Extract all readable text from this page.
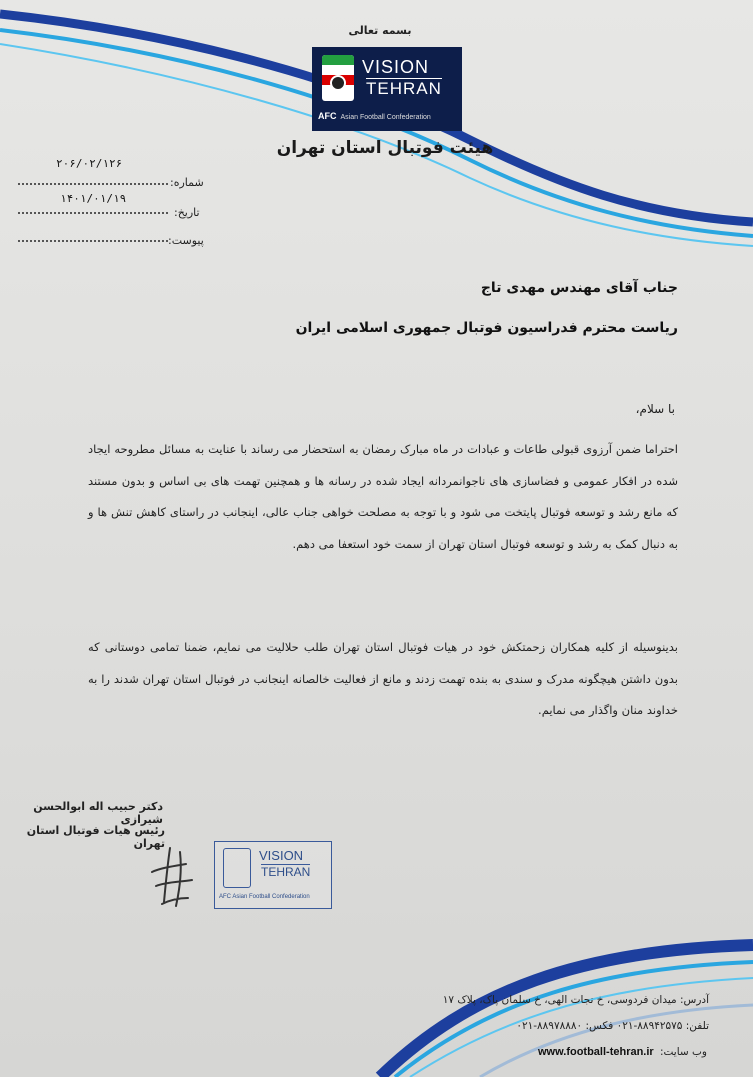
بسمه تعالی
VISION
TEHRAN
AFC Asian Football Confederation
هیئت فوتبال استان تهران
۲۰۶/۰۲/۱۲۶
شماره:
۱۴۰۱/۰۱/۱۹
تاریخ:
پیوست:
جناب آقای مهندس مهدی تاج
ریاست محترم فدراسیون فوتبال جمهوری اسلامی ایران
با سلام،
احتراما ضمن آرزوی قبولی طاعات و عبادات در ماه مبارک رمضان به استحضار می رساند با عنایت به مسائل مطروحه ایجاد شده در افکار عمومی و فضاسازی های ناجوانمردانه ایجاد شده در رسانه ها و همچنین تهمت های بی اساس و بدون مستند که مانع رشد و توسعه فوتبال پایتخت می شود و با توجه به مصلحت خواهی جناب عالی، اینجانب در راستای کاهش تنش ها و به دنبال کمک به رشد و توسعه فوتبال استان تهران از سمت خود استعفا می دهم.
بدینوسیله از کلیه همکاران زحمتکش خود در هیات فوتبال استان تهران طلب حلالیت می نمایم، ضمنا تمامی دوستانی که بدون داشتن هیچگونه مدرک و سندی به بنده تهمت زدند و مانع از فعالیت خالصانه اینجانب در فوتبال استان تهران شدند را به خداوند منان واگذار می نمایم.
دکتر حبیب اله ابوالحسن شیرازی
رئیس هیات فوتبال استان تهران
VISION
TEHRAN
AFC Asian Football Confederation
آدرس: میدان فردوسی، خ نجات الهی، خ سلمان پاک، پلاک ۱۷
تلفن: ۸۸۹۴۲۵۷۵-۰۲۱ فکس: ۸۸۹۷۸۸۸۰-۰۲۱
وب سایت:
www.football-tehran.ir
